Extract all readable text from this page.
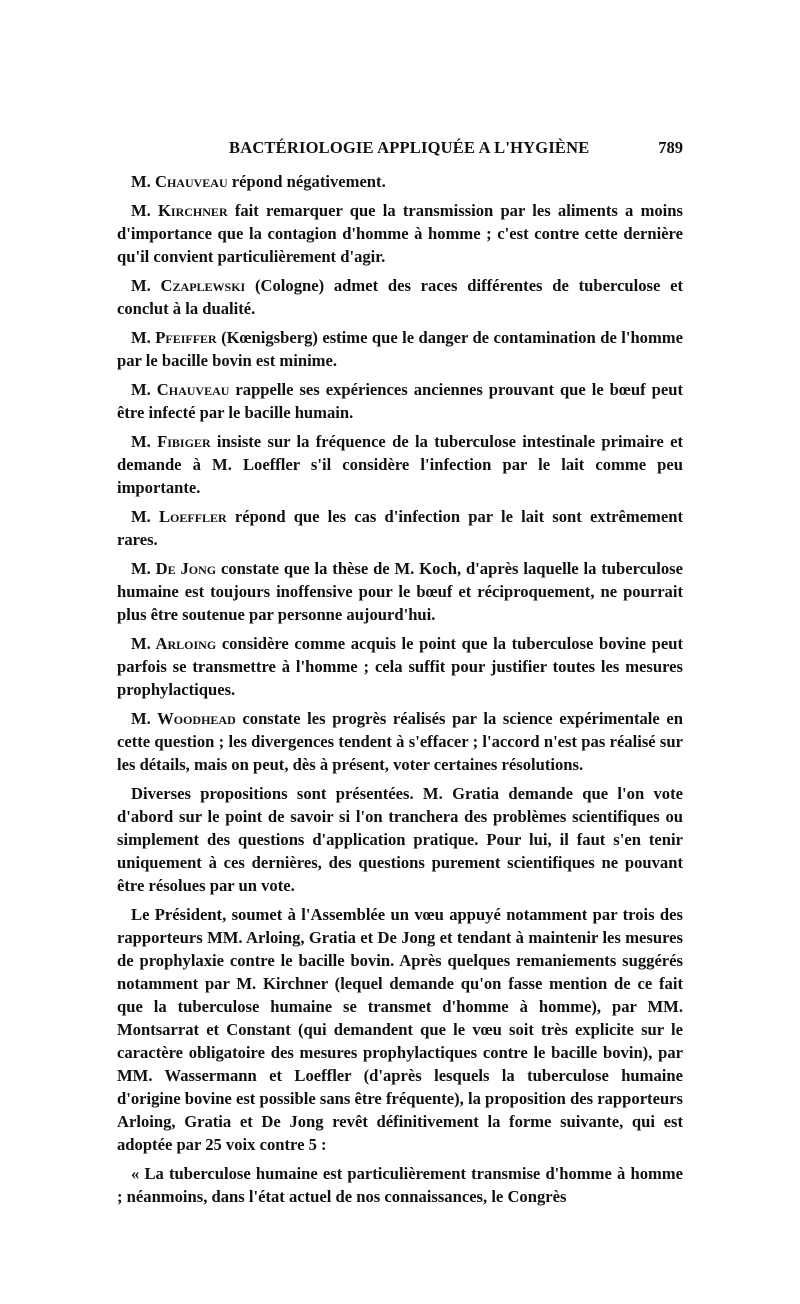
BACTÉRIOLOGIE APPLIQUÉE A L'HYGIÈNE	789

M. Chauveau répond négativement.

M. Kirchner fait remarquer que la transmission par les aliments a moins d'importance que la contagion d'homme à homme ; c'est contre cette dernière qu'il convient particulièrement d'agir.

M. Czaplewski (Cologne) admet des races différentes de tuberculose et conclut à la dualité.

M. Pfeiffer (Kœnigsberg) estime que le danger de contamination de l'homme par le bacille bovin est minime.

M. Chauveau rappelle ses expériences anciennes prouvant que le bœuf peut être infecté par le bacille humain.

M. Fibiger insiste sur la fréquence de la tuberculose intestinale primaire et demande à M. Loeffler s'il considère l'infection par le lait comme peu importante.

M. Loeffler répond que les cas d'infection par le lait sont extrêmement rares.

M. De Jong constate que la thèse de M. Koch, d'après laquelle la tuberculose humaine est toujours inoffensive pour le bœuf et réciproquement, ne pourrait plus être soutenue par personne aujourd'hui.

M. Arloing considère comme acquis le point que la tuberculose bovine peut parfois se transmettre à l'homme ; cela suffit pour justifier toutes les mesures prophylactiques.

M. Woodhead constate les progrès réalisés par la science expérimentale en cette question ; les divergences tendent à s'effacer ; l'accord n'est pas réalisé sur les détails, mais on peut, dès à présent, voter certaines résolutions.

Diverses propositions sont présentées. M. Gratia demande que l'on vote d'abord sur le point de savoir si l'on tranchera des problèmes scientifiques ou simplement des questions d'application pratique. Pour lui, il faut s'en tenir uniquement à ces dernières, des questions purement scientifiques ne pouvant être résolues par un vote.

Le Président, soumet à l'Assemblée un vœu appuyé notamment par trois des rapporteurs MM. Arloing, Gratia et De Jong et tendant à maintenir les mesures de prophylaxie contre le bacille bovin. Après quelques remaniements suggérés notamment par M. Kirchner (lequel demande qu'on fasse mention de ce fait que la tuberculose humaine se transmet d'homme à homme), par MM. Montsarrat et Constant (qui demandent que le vœu soit très explicite sur le caractère obligatoire des mesures prophylactiques contre le bacille bovin), par MM. Wassermann et Loeffler (d'après lesquels la tuberculose humaine d'origine bovine est possible sans être fréquente), la proposition des rapporteurs Arloing, Gratia et De Jong revêt définitivement la forme suivante, qui est adoptée par 25 voix contre 5 :

« La tuberculose humaine est particulièrement transmise d'homme à homme ; néanmoins, dans l'état actuel de nos connaissances, le Congrès
